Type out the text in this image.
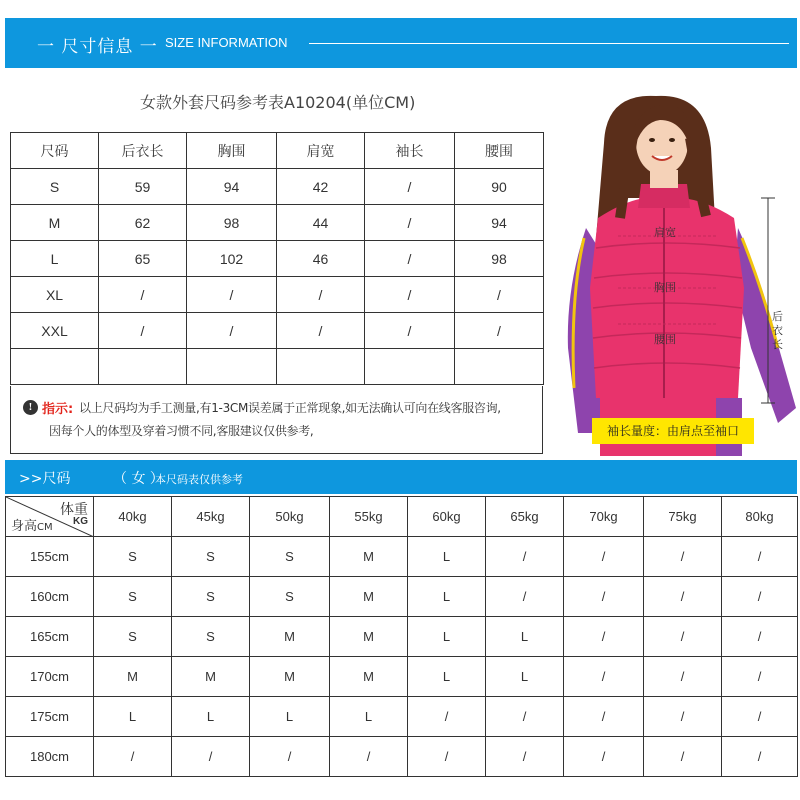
一 尺寸信息 一 SIZE INFORMATION
女款外套尺码参考表A10204(单位CM)
尺码	后衣长	胸围	肩宽	袖长	腰围
S	59	94	42	/	90
M	62	98	44	/	94
L	65	102	46	/	98
XL	/	/	/	/	/
XXL	/	/	/	/	/

! 指示: 以上尺码均为手工测量,有1-3CM误差属于正常现象,如无法确认可向在线客服咨询,
因每个人的体型及穿着习惯不同,客服建议仅供参考,
肩宽
胸围
腰围
后衣长
袖长量度：由肩点至袖口
>>尺码	（ 女 ）
本尺码表仅供参考
体重
KG
身高 CM	40kg	45kg	50kg	55kg	60kg	65kg	70kg	75kg	80kg
155cm	S	S	S	M	L	/	/	/	/
160cm	S	S	S	M	L	/	/	/	/
165cm	S	S	M	M	L	L	/	/	/
170cm	M	M	M	M	L	L	/	/	/
175cm	L	L	L	L	/	/	/	/	/
180cm	/	/	/	/	/	/	/	/	/
